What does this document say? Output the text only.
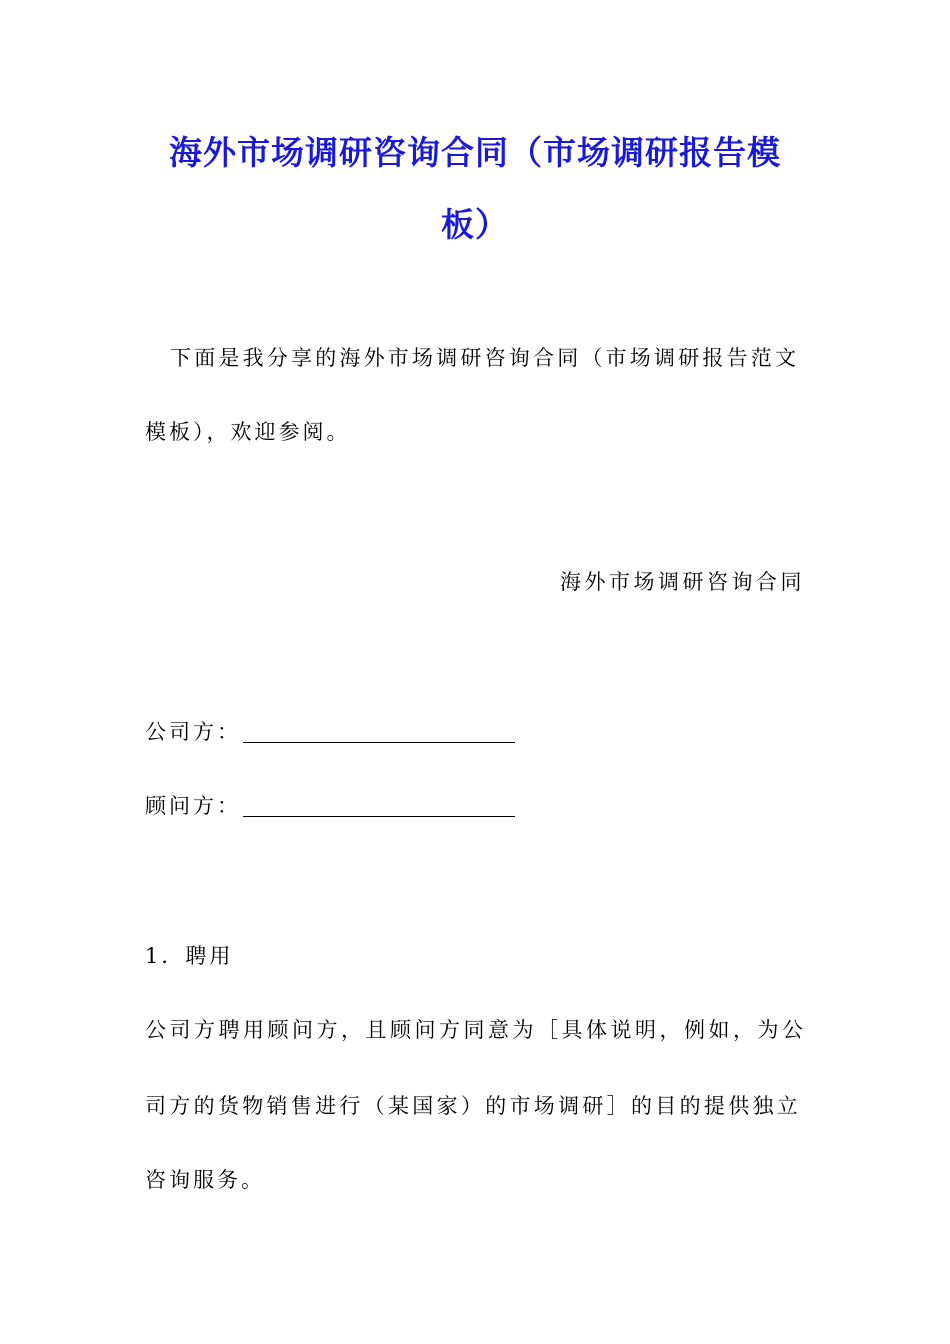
海外市场调研咨询合同（市场调研报告模
板）

下面是我分享的海外市场调研咨询合同（市场调研报告范文

模板），欢迎参阅。

海外市场调研咨询合同

公司方：
顾问方：

1．聘用

公司方聘用顾问方，且顾问方同意为［具体说明，例如，为公

司方的货物销售进行（某国家）的市场调研］的目的提供独立

咨询服务。
